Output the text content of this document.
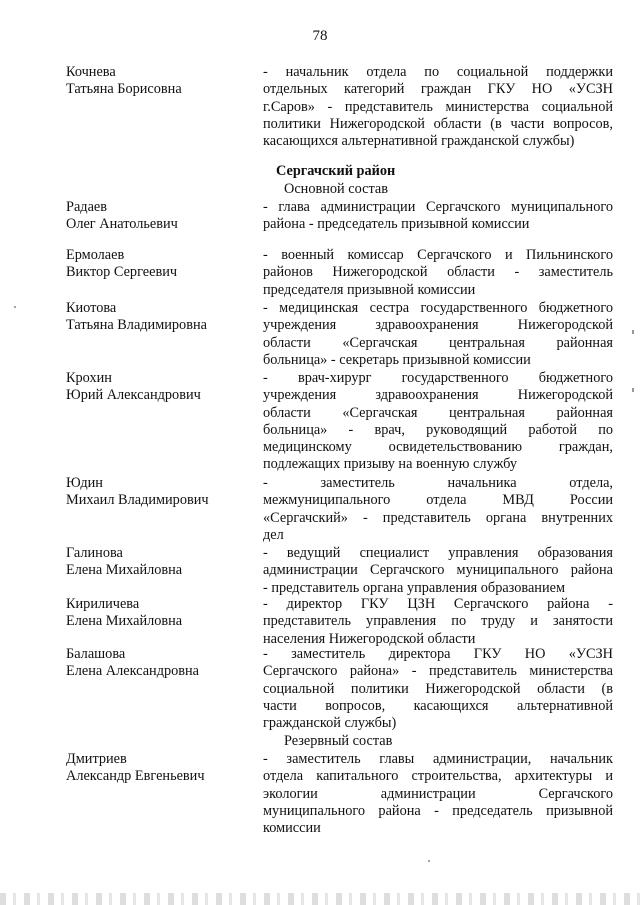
78
Кочнева
Татьяна Борисовна
- начальник отдела по социальной поддержки
отдельных категорий граждан ГКУ НО «УСЗН
г.Саров» - представитель министерства социальной
политики Нижегородской области (в части вопросов,
касающихся альтернативной гражданской службы)
Сергачский район
Основной состав
Радаев
Олег Анатольевич
- глава администрации Сергачского муниципального
района - председатель призывной комиссии
Ермолаев
Виктор Сергеевич
- военный комиссар Сергачского и Пильнинского
районов Нижегородской области - заместитель
председателя призывной комиссии
Киотова
Татьяна Владимировна
- медицинская сестра государственного бюджетного
учреждения здравоохранения Нижегородской
области «Сергачская центральная районная
больница» - секретарь призывной комиссии
Крохин
Юрий Александрович
- врач-хирург государственного бюджетного
учреждения здравоохранения Нижегородской
области «Сергачская центральная районная
больница» - врач, руководящий работой по
медицинскому освидетельствованию граждан,
подлежащих призыву на военную службу
Юдин
Михаил Владимирович
- заместитель начальника отдела,
межмуниципального отдела МВД России
«Сергачский» - представитель органа внутренних
дел
Галинова
Елена Михайловна
- ведущий специалист управления образования
администрации Сергачского муниципального района
- представитель органа управления образованием
Кириличева
Елена Михайловна
- директор ГКУ ЦЗН Сергачского района -
представитель управления по труду и занятости
населения Нижегородской области
Балашова
Елена Александровна
- заместитель директора ГКУ НО «УСЗН
Сергачского района» - представитель министерства
социальной политики Нижегородской области (в
части вопросов, касающихся альтернативной
гражданской службы)
Резервный состав
Дмитриев
Александр Евгеньевич
- заместитель главы администрации, начальник
отдела капитального строительства, архитектуры и
экологии администрации Сергачского
муниципального района - председатель призывной
комиссии
